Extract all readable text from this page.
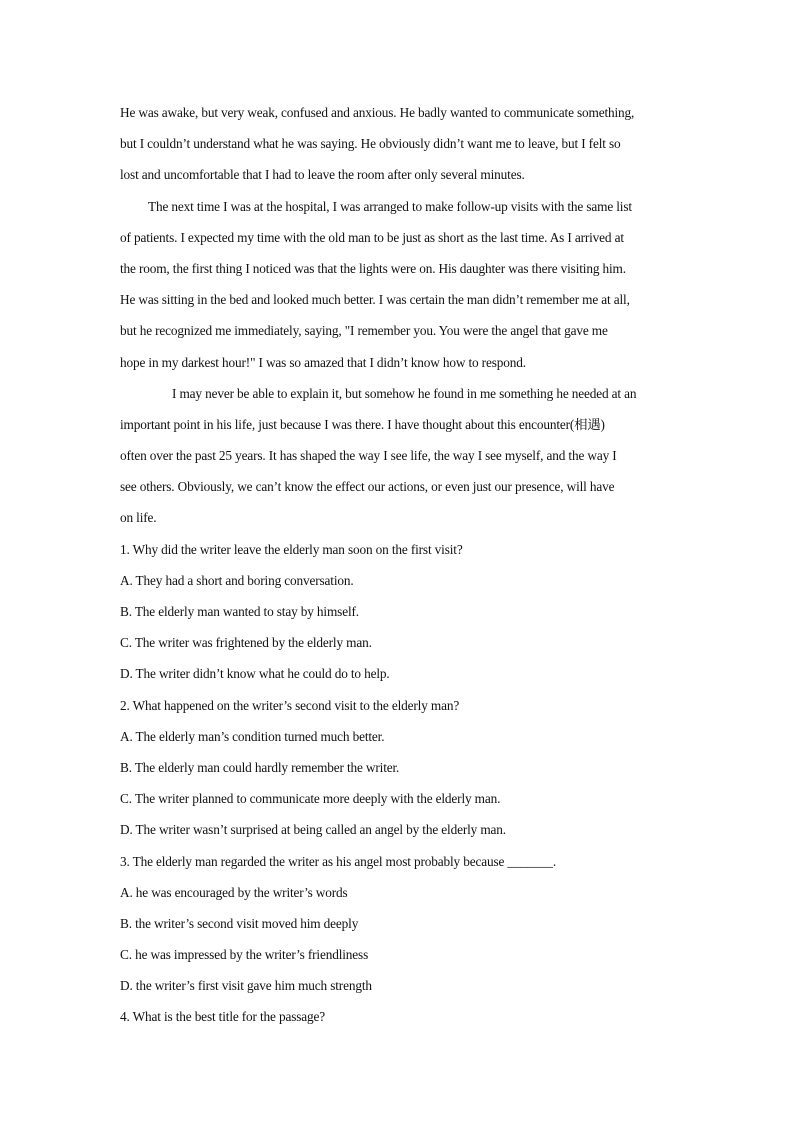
He was awake, but very weak, confused and anxious. He badly wanted to communicate something,
but I couldn’t understand what he was saying. He obviously didn’t want me to leave, but I felt so
lost and uncomfortable that I had to leave the room after only several minutes.
The next time I was at the hospital, I was arranged to make follow-up visits with the same list
of patients. I expected my time with the old man to be just as short as the last time. As I arrived at
the room, the first thing I noticed was that the lights were on. His daughter was there visiting him.
He was sitting in the bed and looked much better. I was certain the man didn’t remember me at all,
but he recognized me immediately, saying, "I remember you. You were the angel that gave me
hope in my darkest hour!" I was so amazed that I didn’t know how to respond.
I may never be able to explain it, but somehow he found in me something he needed at an
important point in his life, just because I was there. I have thought about this encounter(相遇)
often over the past 25 years. It has shaped the way I see life, the way I see myself, and the way I
see others. Obviously, we can’t know the effect our actions, or even just our presence, will have
on life.
1. Why did the writer leave the elderly man soon on the first visit?
A. They had a short and boring conversation.
B. The elderly man wanted to stay by himself.
C. The writer was frightened by the elderly man.
D. The writer didn’t know what he could do to help.
2. What happened on the writer’s second visit to the elderly man?
A. The elderly man’s condition turned much better.
B. The elderly man could hardly remember the writer.
C. The writer planned to communicate more deeply with the elderly man.
D. The writer wasn’t surprised at being called an angel by the elderly man.
3. The elderly man regarded the writer as his angel most probably because _______.
A. he was encouraged by the writer’s words
B. the writer’s second visit moved him deeply
C. he was impressed by the writer’s friendliness
D. the writer’s first visit gave him much strength
4. What is the best title for the passage?
